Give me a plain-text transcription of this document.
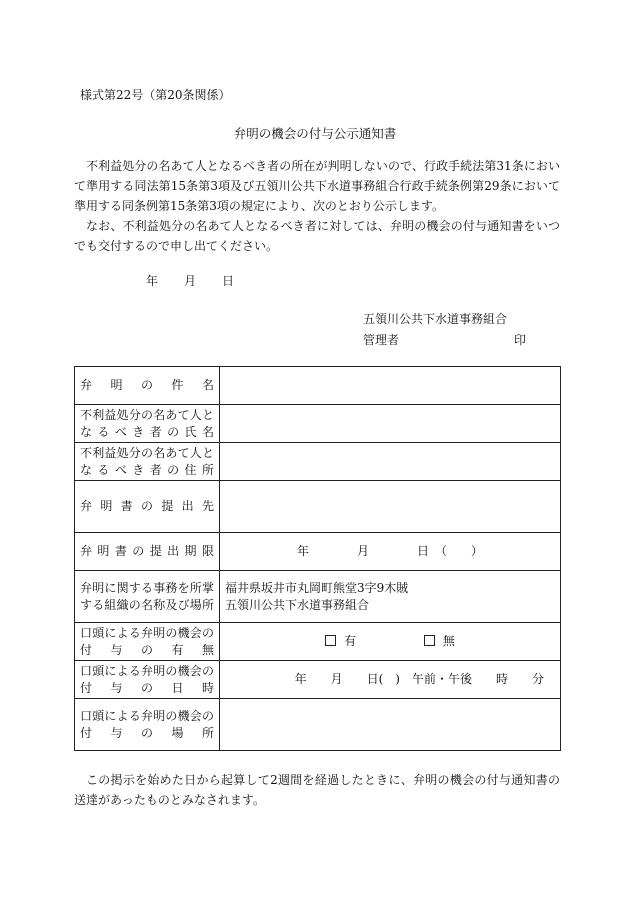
様式第22号（第20条関係）
弁明の機会の付与公示通知書
不利益処分の名あて人となるべき者の所在が判明しないので、行政手続法第31条において準用する同法第15条第3項及び五領川公共下水道事務組合行政手続条例第29条において準用する同条例第15条第3項の規定により、次のとおり公示します。
なお、不利益処分の名あて人となるべき者に対しては、弁明の機会の付与通知書をいつでも交付するので申し出てください。
年 月 日
五領川公共下水道事務組合
管理者	印
弁明の件名	
不利益処分の名あて人となるべき者の氏名	
不利益処分の名あて人となるべき者の住所	
弁明書の提出先	
弁明書の提出期限	年　　　　月　　　　日　（　　）
弁明に関する事務を所掌する組織の名称及び場所	福井県坂井市丸岡町熊堂3字9木賊
五領川公共下水道事務組合

口頭による弁明の機会の付与の有無	有 無
口頭による弁明の機会の付与の日時	年　　月　　日(　)　午前・午後　　時　　分
口頭による弁明の機会の付与の場所	
この掲示を始めた日から起算して2週間を経過したときに、弁明の機会の付与通知書の送達があったものとみなされます。
